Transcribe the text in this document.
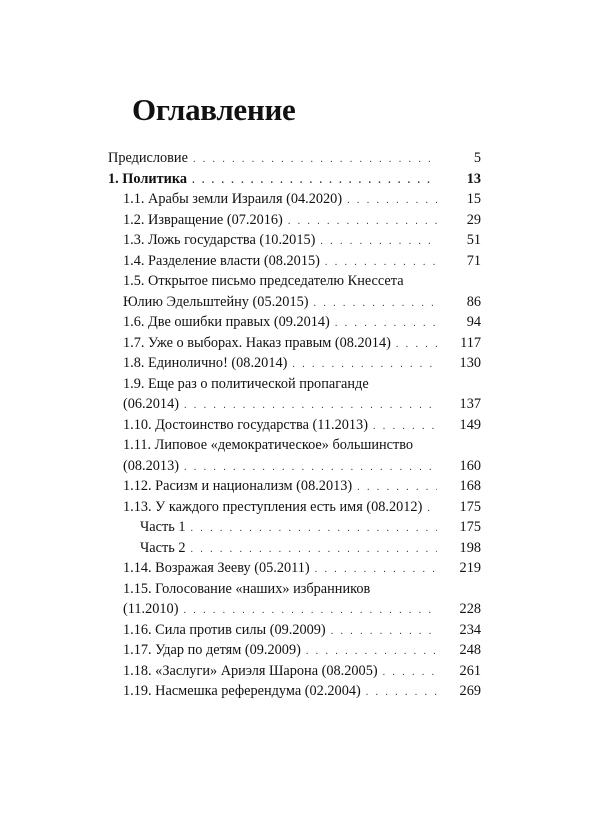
Оглавление
Предисловие . . .	5
1. Политика . . .	13
1.1. Арабы земли Израиля (04.2020) . . .	15
1.2. Извращение (07.2016) . . .	29
1.3. Ложь государства (10.2015) . . .	51
1.4. Разделение власти (08.2015) . . .	71
1.5. Открытое письмо председателю Кнессета
Юлию Эдельштейну (05.2015) . . .	86
1.6. Две ошибки правых (09.2014) . . .	94
1.7. Уже о выборах. Наказ правым (08.2014) . . .	117
1.8. Единолично! (08.2014) . . .	130
1.9. Еще раз о политической пропаганде
(06.2014) . . .	137
1.10. Достоинство государства (11.2013) . . .	149
1.11. Липовое «демократическое» большинство
(08.2013) . . .	160
1.12. Расизм и национализм (08.2013) . . .	168
1.13. У каждого преступления есть имя (08.2012) . . .	175
Часть 1 . . .	175
Часть 2 . . .	198
1.14. Возражая Зееву (05.2011) . . .	219
1.15. Голосование «наших» избранников
(11.2010) . . .	228
1.16. Сила против силы (09.2009) . . .	234
1.17. Удар по детям (09.2009) . . .	248
1.18. «Заслуги» Ариэля Шарона (08.2005) . . .	261
1.19. Насмешка референдума (02.2004) . . .	269
